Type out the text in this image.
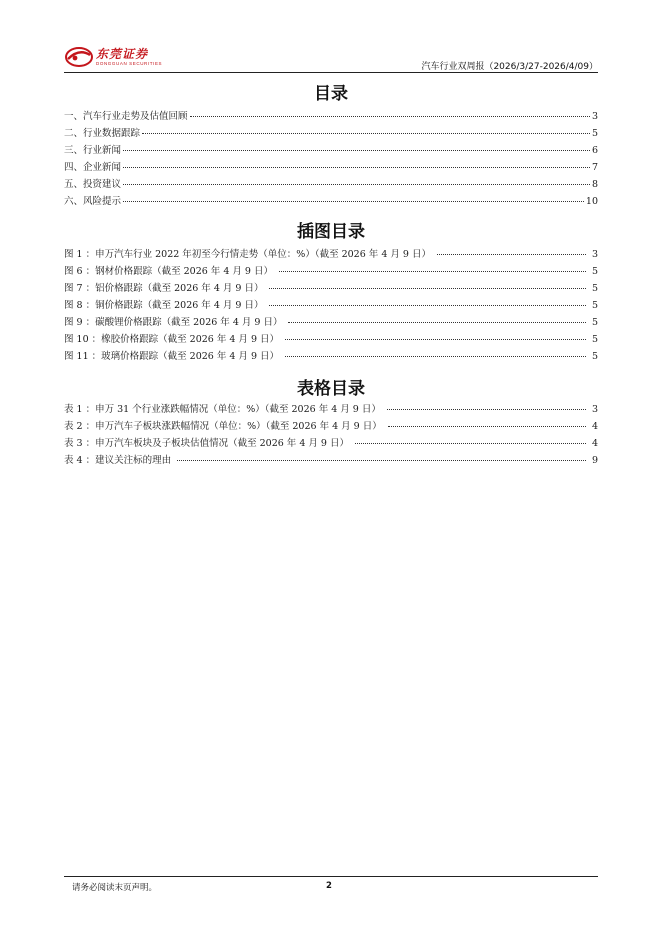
东莞证券
DONGGUAN SECURITIES	汽车行业双周报（2026/3/27-2026/4/09）
目录
一、汽车行业走势及估值回顾	3
二、行业数据跟踪	5
三、行业新闻	6
四、企业新闻	7
五、投资建议	8
六、风险提示	10
插图目录
图 1 ：申万汽车行业 2022 年初至今行情走势（单位：%）（截至 2026 年 4 月 9 日）	3
图 6 ：钢材价格跟踪（截至 2026 年 4 月 9 日）	5
图 7 ：铝价格跟踪（截至 2026 年 4 月 9 日）	5
图 8 ：铜价格跟踪（截至 2026 年 4 月 9 日）	5
图 9 ：碳酸锂价格跟踪（截至 2026 年 4 月 9 日）	5
图 10 ：橡胶价格跟踪（截至 2026 年 4 月 9 日）	5
图 11 ：玻璃价格跟踪（截至 2026 年 4 月 9 日）	5
表格目录
表 1 ：申万 31 个行业涨跌幅情况（单位：%）（截至 2026 年 4 月 9 日）	3
表 2 ：申万汽车子板块涨跌幅情况（单位：%）（截至 2026 年 4 月 9 日）	4
表 3 ：申万汽车板块及子板块估值情况（截至 2026 年 4 月 9 日）	4
表 4 ：建议关注标的理由	9
请务必阅读末页声明。	2
